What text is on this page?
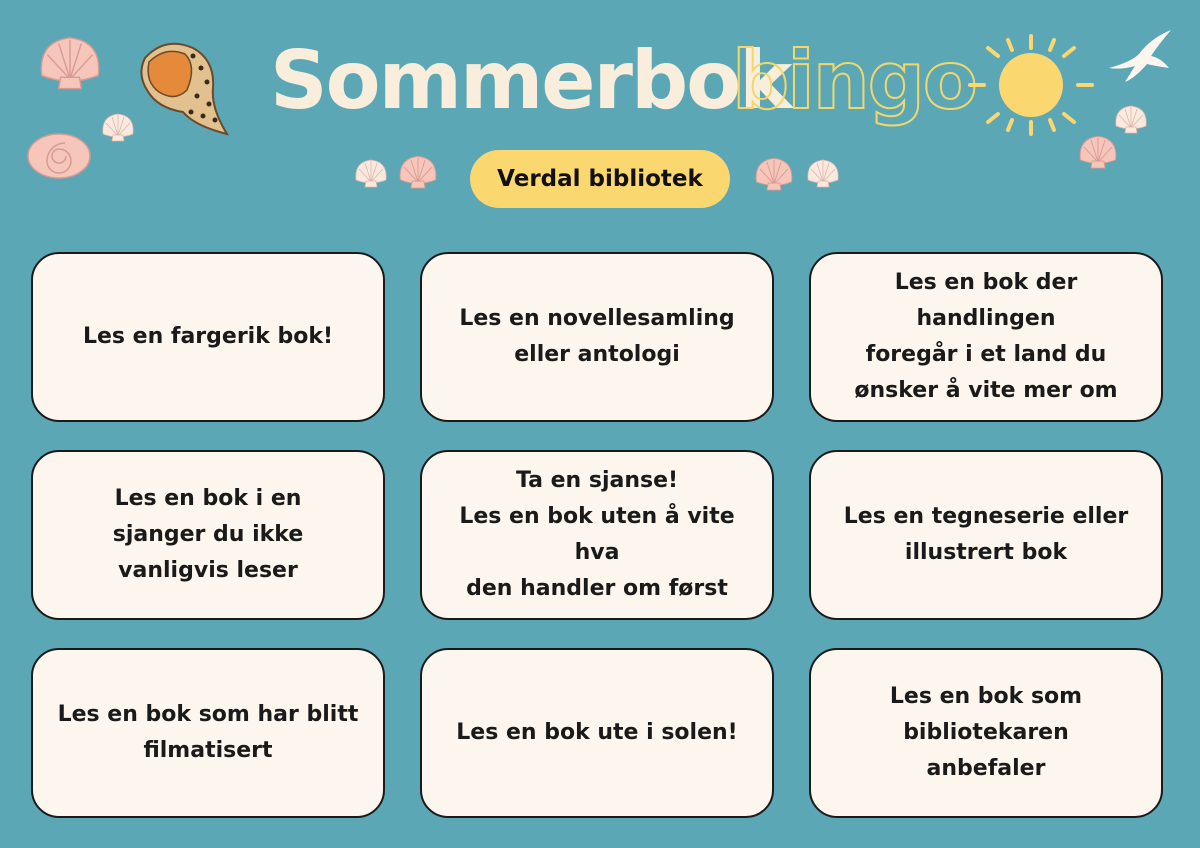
Sommerbok
bingo
Verdal bibliotek
Les en fargerik bok!
Les en novellesamling
eller antologi
Les en bok der handlingen
foregår i et land du
ønsker å vite mer om
Les en bok i en
sjanger du ikke
vanligvis leser
Ta en sjanse!
Les en bok uten å vite hva
den handler om først
Les en tegneserie eller
illustrert bok
Les en bok som har blitt
filmatisert
Les en bok ute i solen!
Les en bok som
bibliotekaren
anbefaler
